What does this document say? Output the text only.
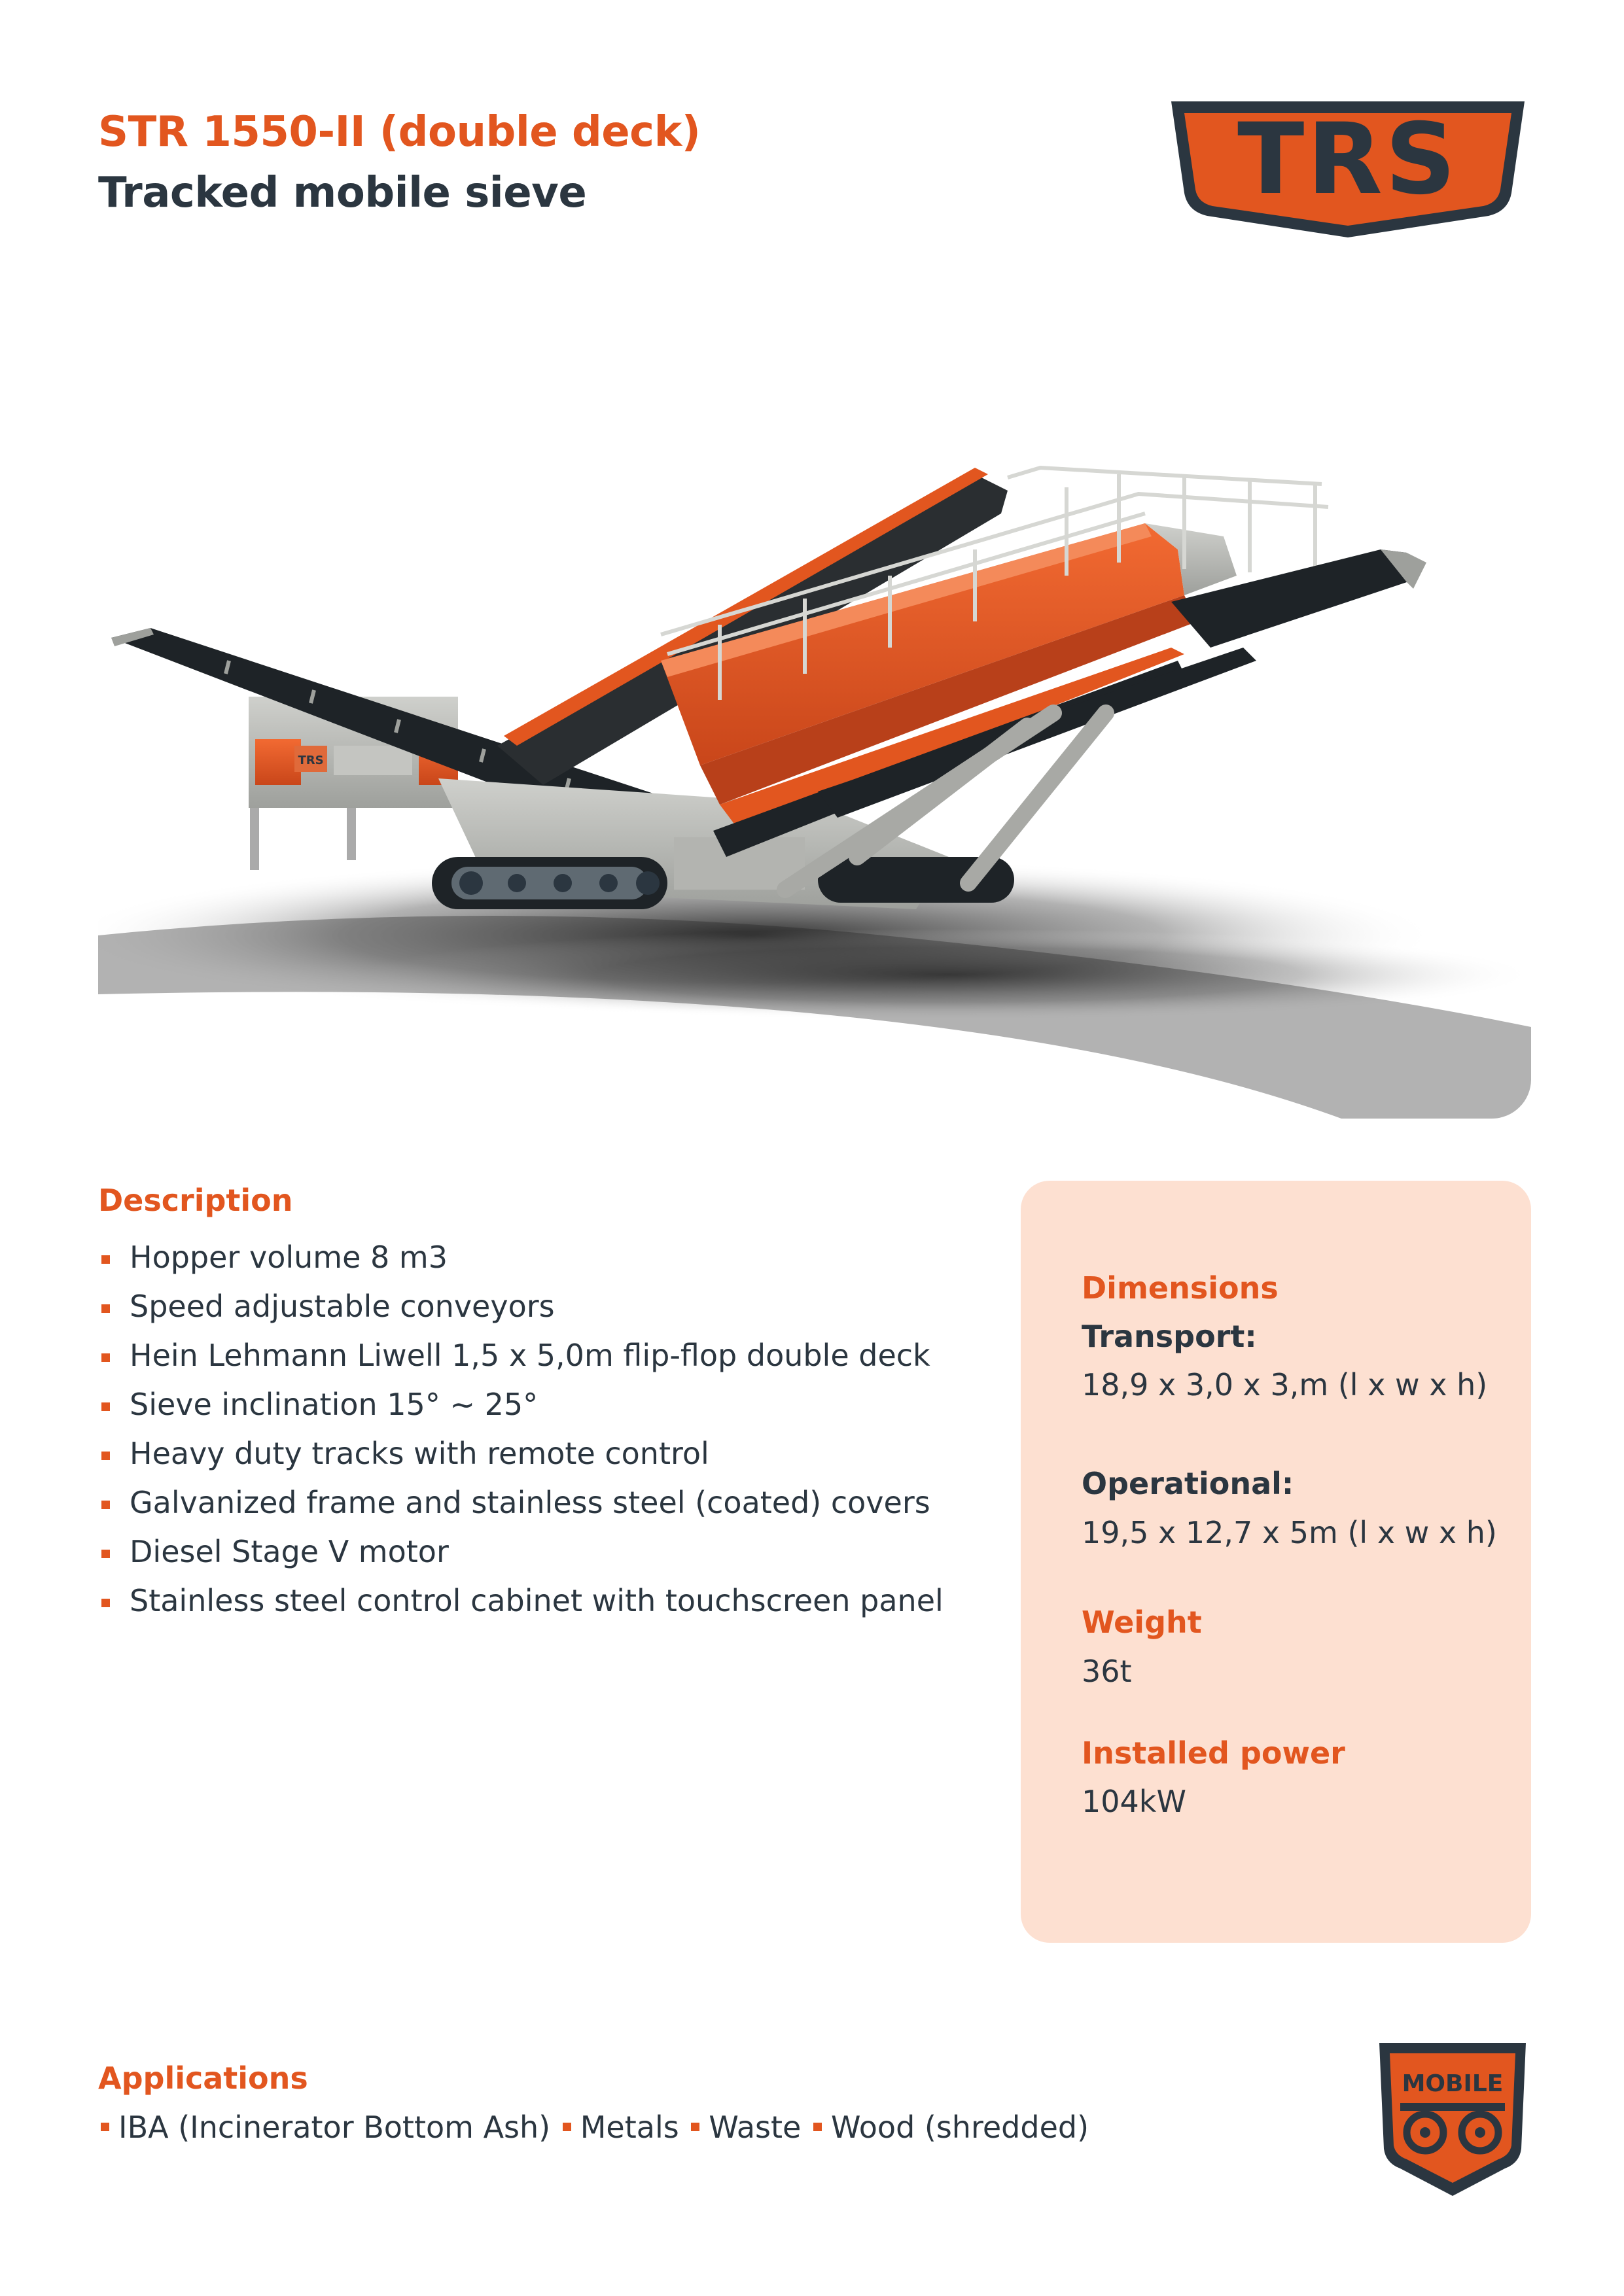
STR 1550-II (double deck)
Tracked mobile sieve	TRS
TRS
Description
Hopper volume 8 m3
Speed adjustable conveyors
Hein Lehmann Liwell 1,5 x 5,0m flip-flop double deck
Sieve inclination 15° ~ 25°
Heavy duty tracks with remote control
Galvanized frame and stainless steel (coated) covers
Diesel Stage V motor
Stainless steel control cabinet with touchscreen panel
Dimensions
Transport:
18,9 x 3,0 x 3,m (l x w x h)
Operational:
19,5 x 12,7 x 5m (l x w x h)
Weight
36t
Installed power
104kW
Applications
IBA (Incinerator Bottom Ash) Metals Waste Wood (shredded)
MOBILE
